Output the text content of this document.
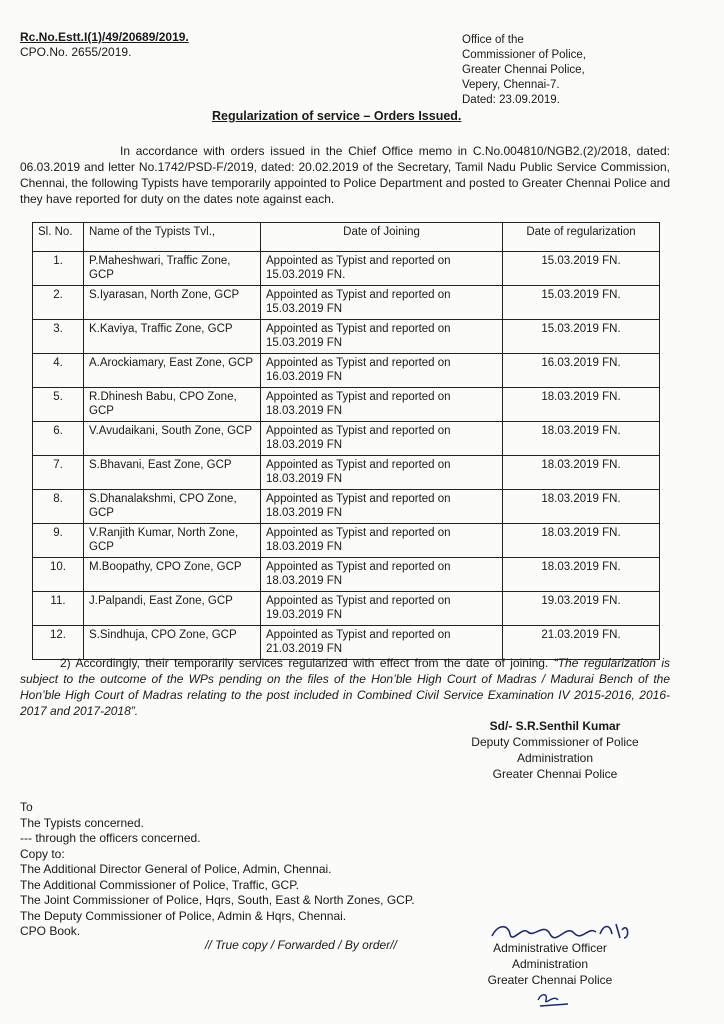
Rc.No.Estt.I(1)/49/20689/2019.
CPO.No. 2655/2019.
Office of the
Commissioner of Police,
Greater Chennai Police,
Vepery, Chennai-7.
Dated: 23.09.2019.
Regularization of service – Orders Issued.
In accordance with orders issued in the Chief Office memo in C.No.004810/NGB2.(2)/2018, dated: 06.03.2019 and letter No.1742/PSD-F/2019, dated: 20.02.2019 of the Secretary, Tamil Nadu Public Service Commission, Chennai, the following Typists have temporarily appointed to Police Department and posted to Greater Chennai Police and they have reported for duty on the dates note against each.
Sl. No.	Name of the Typists Tvl.,	Date of Joining	Date of regularization
1.	P.Maheshwari, Traffic Zone, GCP	Appointed as Typist and reported on 15.03.2019 FN.	15.03.2019 FN.
2.	S.Iyarasan, North Zone, GCP	Appointed as Typist and reported on 15.03.2019 FN	15.03.2019 FN.
3.	K.Kaviya, Traffic Zone, GCP	Appointed as Typist and reported on 15.03.2019 FN	15.03.2019 FN.
4.	A.Arockiamary, East Zone, GCP	Appointed as Typist and reported on 16.03.2019 FN	16.03.2019 FN.
5.	R.Dhinesh Babu, CPO Zone, GCP	Appointed as Typist and reported on 18.03.2019 FN	18.03.2019 FN.
6.	V.Avudaikani, South Zone, GCP	Appointed as Typist and reported on 18.03.2019 FN	18.03.2019 FN.
7.	S.Bhavani, East Zone, GCP	Appointed as Typist and reported on 18.03.2019 FN	18.03.2019 FN.
8.	S.Dhanalakshmi, CPO Zone, GCP	Appointed as Typist and reported on 18.03.2019 FN	18.03.2019 FN.
9.	V.Ranjith Kumar, North Zone, GCP	Appointed as Typist and reported on 18.03.2019 FN	18.03.2019 FN.
10.	M.Boopathy, CPO Zone, GCP	Appointed as Typist and reported on 18.03.2019 FN	18.03.2019 FN.
11.	J.Palpandi, East Zone, GCP	Appointed as Typist and reported on 19.03.2019 FN	19.03.2019 FN.
12.	S.Sindhuja, CPO Zone, GCP	Appointed as Typist and reported on 21.03.2019 FN	21.03.2019 FN.
2) Accordingly, their temporarily services regularized with effect from the date of joining. “The regularization is subject to the outcome of the WPs pending on the files of the Hon’ble High Court of Madras / Madurai Bench of the Hon’ble High Court of Madras relating to the post included in Combined Civil Service Examination IV 2015-2016, 2016-2017 and 2017-2018”.
Sd/- S.R.Senthil Kumar
Deputy Commissioner of Police
Administration
Greater Chennai Police
To
The Typists concerned.
--- through the officers concerned.
Copy to:
The Additional Director General of Police, Admin, Chennai.
The Additional Commissioner of Police, Traffic, GCP.
The Joint Commissioner of Police, Hqrs, South, East & North Zones, GCP.
The Deputy Commissioner of Police, Admin & Hqrs, Chennai.
CPO Book.
// True copy / Forwarded / By order//	Administrative Officer
Administration
Greater Chennai Police
